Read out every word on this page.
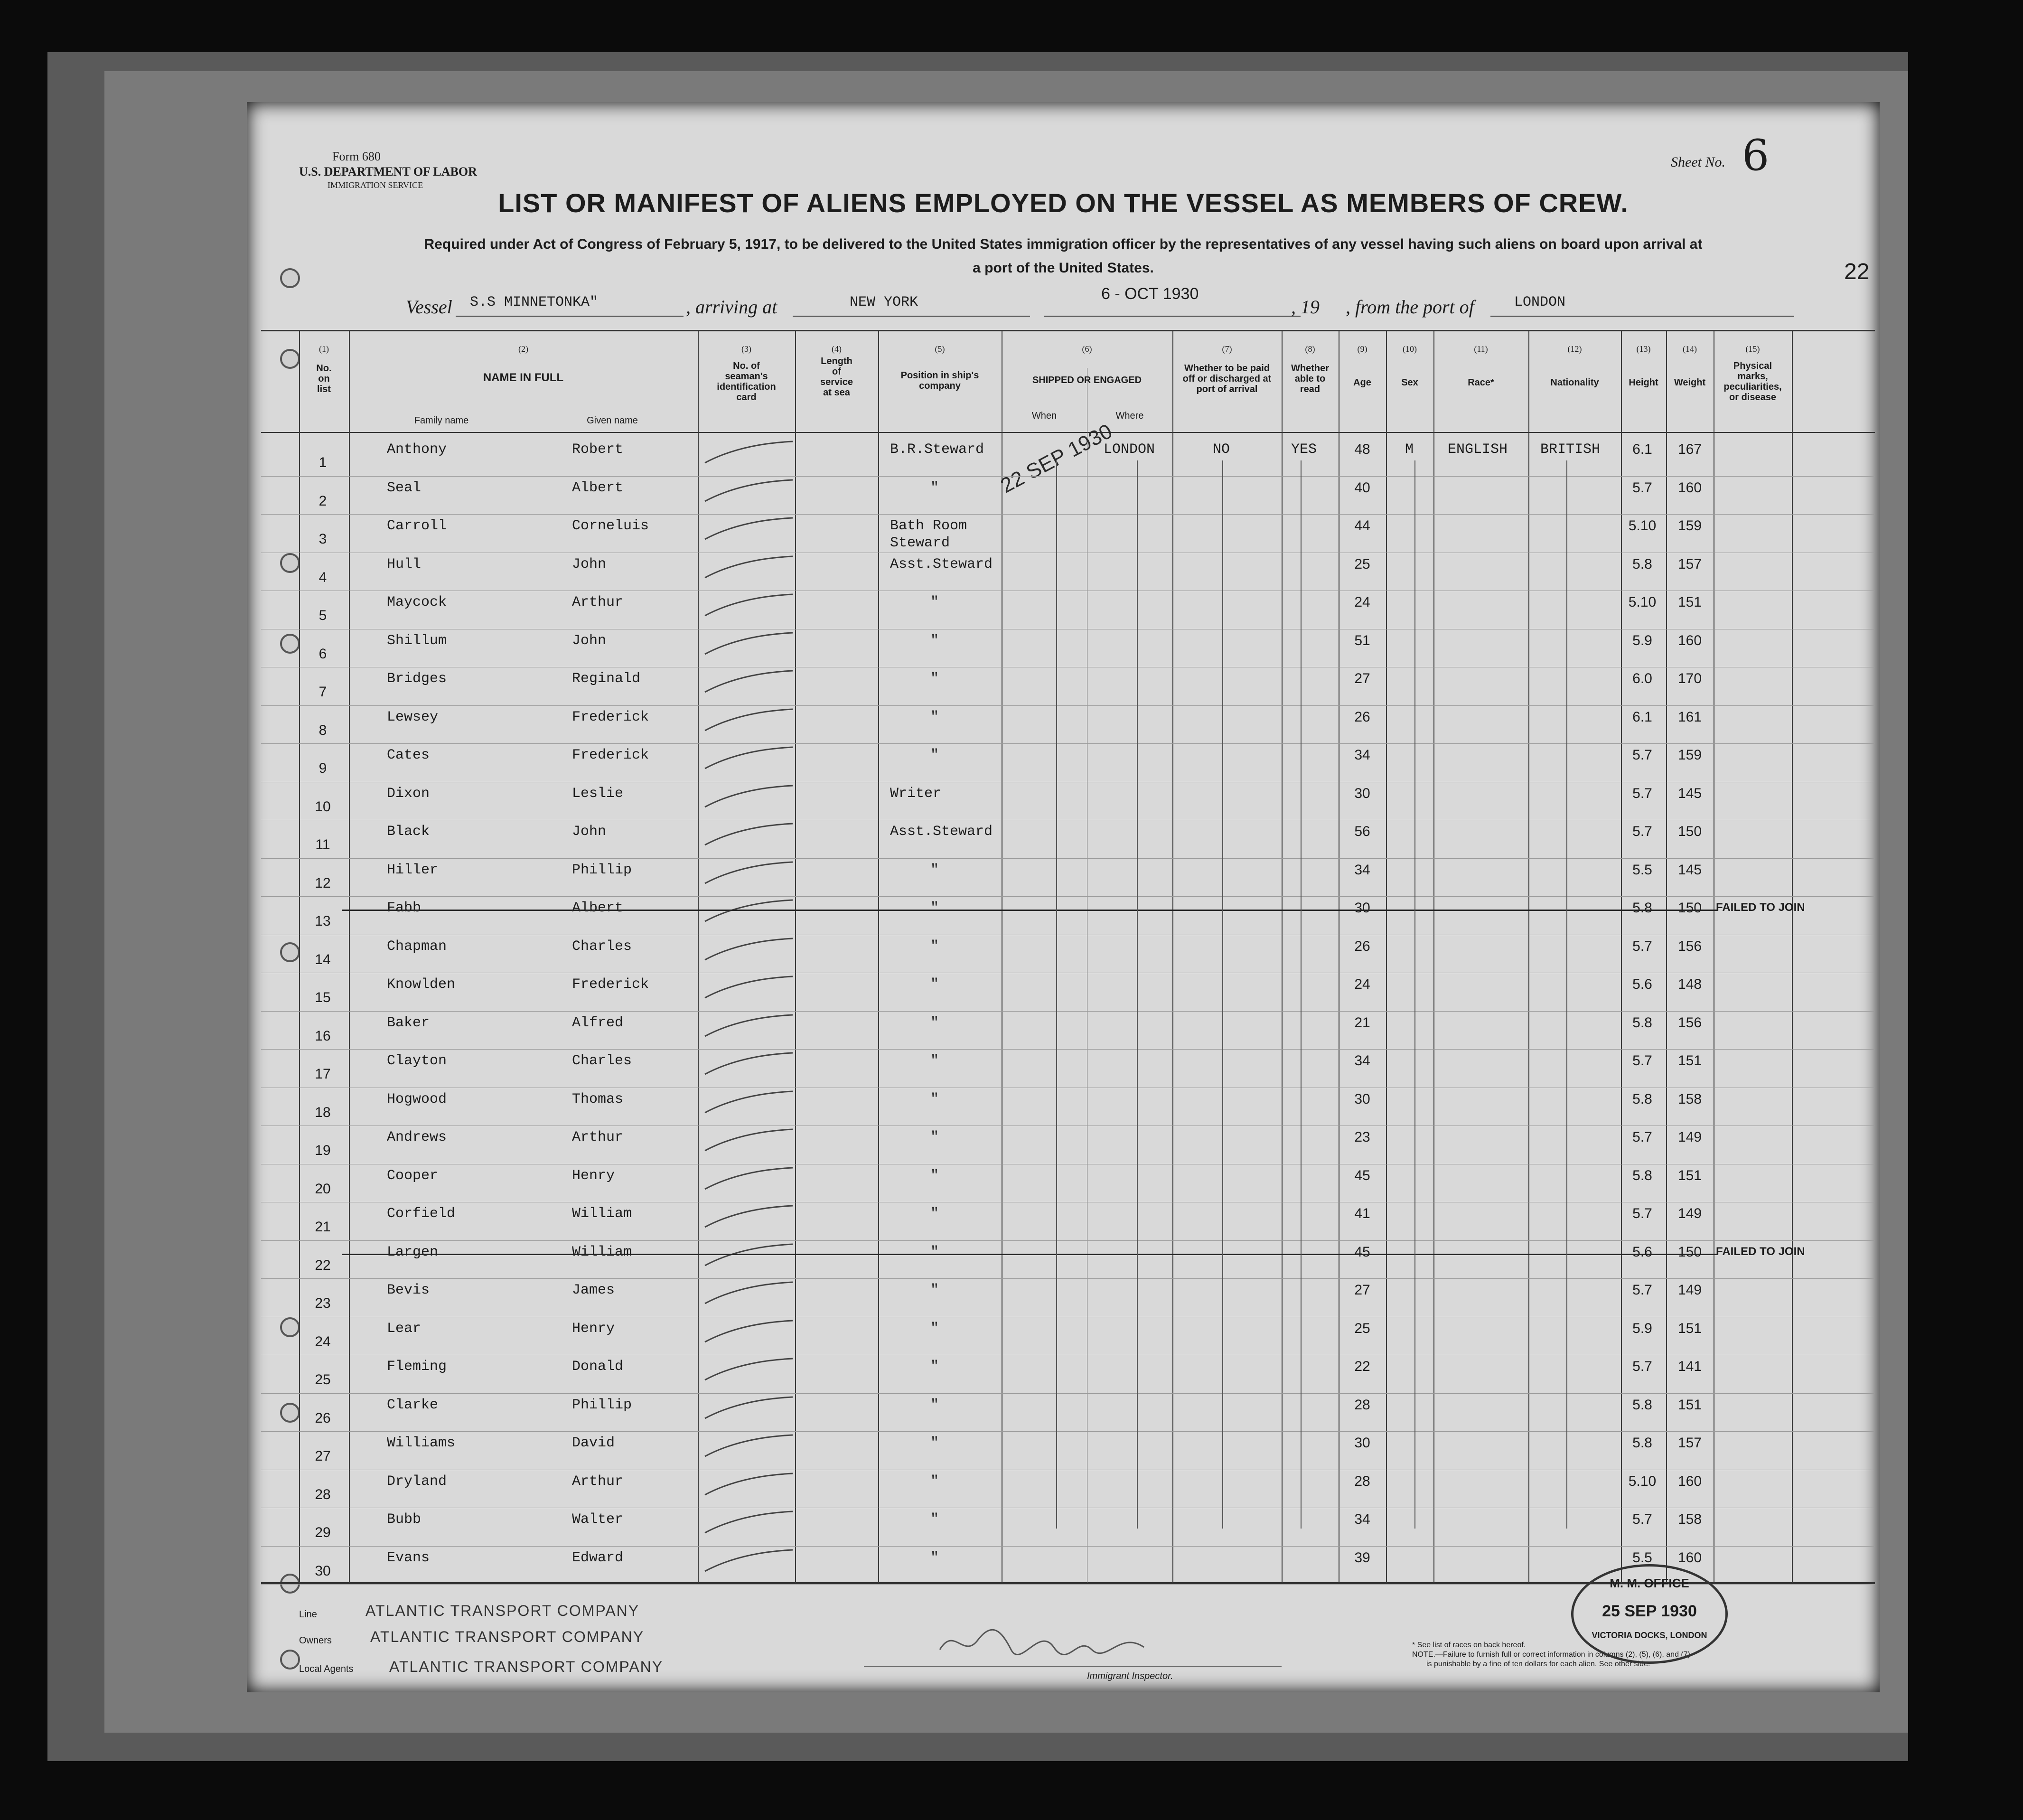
Form 680
U.S. DEPARTMENT OF LABOR
IMMIGRATION SERVICE
Sheet No. 6
22
LIST OR MANIFEST OF ALIENS EMPLOYED ON THE VESSEL AS MEMBERS OF CREW.
Required under Act of Congress of February 5, 1917, to be delivered to the United States immigration officer by the representatives of any vessel having such aliens on board upon arrival at
a port of the United States.
Vessel S.S MINNETONKA"	, arriving at	NEW YORK	6 - OCT 1930
, 19 , from the port of	LONDON
(1)
No. on list
(2)
NAME IN FULL
Family name	Given name
(3)
No. of seaman's identification card
(4)
Length of service at sea
(5)
Position in ship's company
(6)
SHIPPED OR ENGAGED
When	Where
(7)
Whether to be paid off or discharged at port of arrival
(8)
Whether able to read
(9)
Age
(10)
Sex
(11)
Race*
(12)
Nationality
(13)
Height
(14)
Weight
(15)
Physical marks, peculiarities, or disease
22 SEP 1930
1
Anthony	Robert	B.R.Steward	LONDON	NO	YES	48	M ENGLISH BRITISH	6.1	167
2
Seal	Albert	"	40	5.7	160
3
Carroll	Corneluis	Bath Room
Steward
44	5.10 159
4
Hull	John	Asst.Steward	25	5.8	157
5
Maycock	Arthur	"	24	5.10 151
6
Shillum	John	"	51	5.9	160
7
Bridges	Reginald	"	27	6.0	170
8
Lewsey	Frederick	"	26	6.1	161
9
Cates	Frederick	"	34	5.7	159
10
Dixon	Leslie	Writer	30	5.7	145
11
Black	John	Asst.Steward	56	5.7	150
12
Hiller	Phillip	"	34	5.5	145
13
Fabb	Albert	"	30	5.8	150 FAILED TO JOIN
14
Chapman	Charles	"	26	5.7	156
15
Knowlden	Frederick	"	24	5.6	148
16
Baker	Alfred	"	21	5.8	156
17
Clayton	Charles	"	34	5.7	151
18
Hogwood	Thomas	"	30	5.8	158
19
Andrews	Arthur	"	23	5.7	149
20
Cooper	Henry	"	45	5.8	151
21
Corfield	William	"	41	5.7	149
22
Largen	William	"	45	5.6	150 FAILED TO JOIN
23
Bevis	James	"	27	5.7	149
24
Lear	Henry	"	25	5.9	151
25
Fleming	Donald	"	22	5.7	141
26
Clarke	Phillip	"	28	5.8	151
27
Williams	David	"	30	5.8	157
28
Dryland	Arthur	"	28	5.10 160
29
Bubb	Walter	"	34	5.7	158
30
Evans	Edward	"	39	5.5	160
Line
Owners
Local Agents
ATLANTIC TRANSPORT COMPANY
ATLANTIC TRANSPORT COMPANY
ATLANTIC TRANSPORT COMPANY
Immigrant Inspector.
* See list of races on back hereof.
NOTE.—Failure to furnish full or correct information in columns (2), (5), (6), and (7)
is punishable by a fine of ten dollars for each alien. See other side.
M. M. OFFICE
25 SEP 1930
VICTORIA DOCKS, LONDON
